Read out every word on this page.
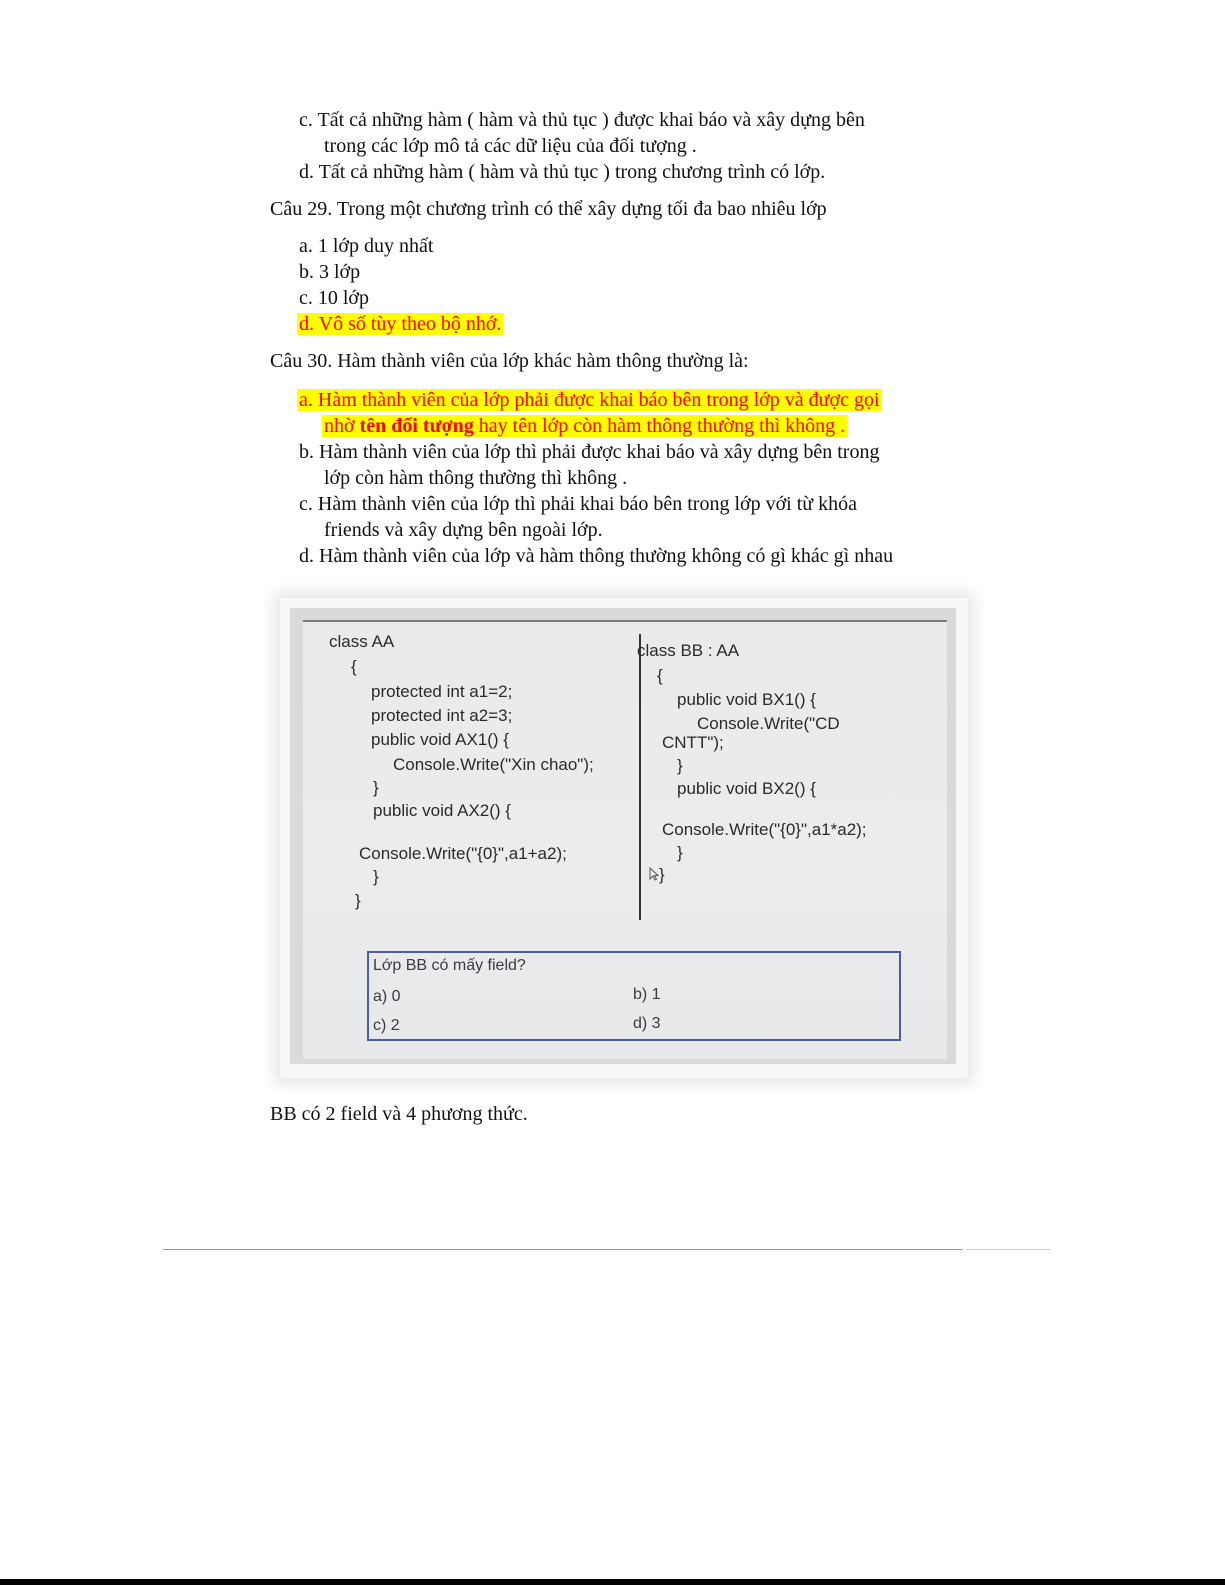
c. Tất cả những hàm ( hàm và thủ tục ) được khai báo và xây dựng bên
trong các lớp mô tả các dữ liệu của đối tượng .
d. Tất cả những hàm ( hàm và thủ tục ) trong chương trình có lớp.
Câu 29. Trong một chương trình có thể xây dựng tối đa bao nhiêu lớp
a. 1 lớp duy nhất
b. 3 lớp
c. 10 lớp
d. Vô số tùy theo bộ nhớ.
Câu 30. Hàm thành viên của lớp khác hàm thông thường là:
a. Hàm thành viên của lớp phải được khai báo bên trong lớp và được gọi
nhờ tên đối tượng hay tên lớp còn hàm thông thường thì không .
b. Hàm thành viên của lớp thì phải được khai báo và xây dựng bên trong
lớp còn hàm thông thường thì không .
c. Hàm thành viên của lớp thì phải khai báo bên trong lớp với từ khóa
friends và xây dựng bên ngoài lớp.
d. Hàm thành viên của lớp và hàm thông thường không có gì khác gì nhau
class AA
{
protected int a1=2;
protected int a2=3;
public void AX1() {
Console.Write("Xin chao");
}
public void AX2() {
Console.Write("{0}",a1+a2);
}
}
class BB : AA
{
public void BX1() {
Console.Write("CD
CNTT");
}
public void BX2() {
Console.Write("{0}",a1*a2);
}
}
Lớp BB có mấy field?
a) 0	b) 1
c) 2	d) 3
BB có 2 field và 4 phương thức.
